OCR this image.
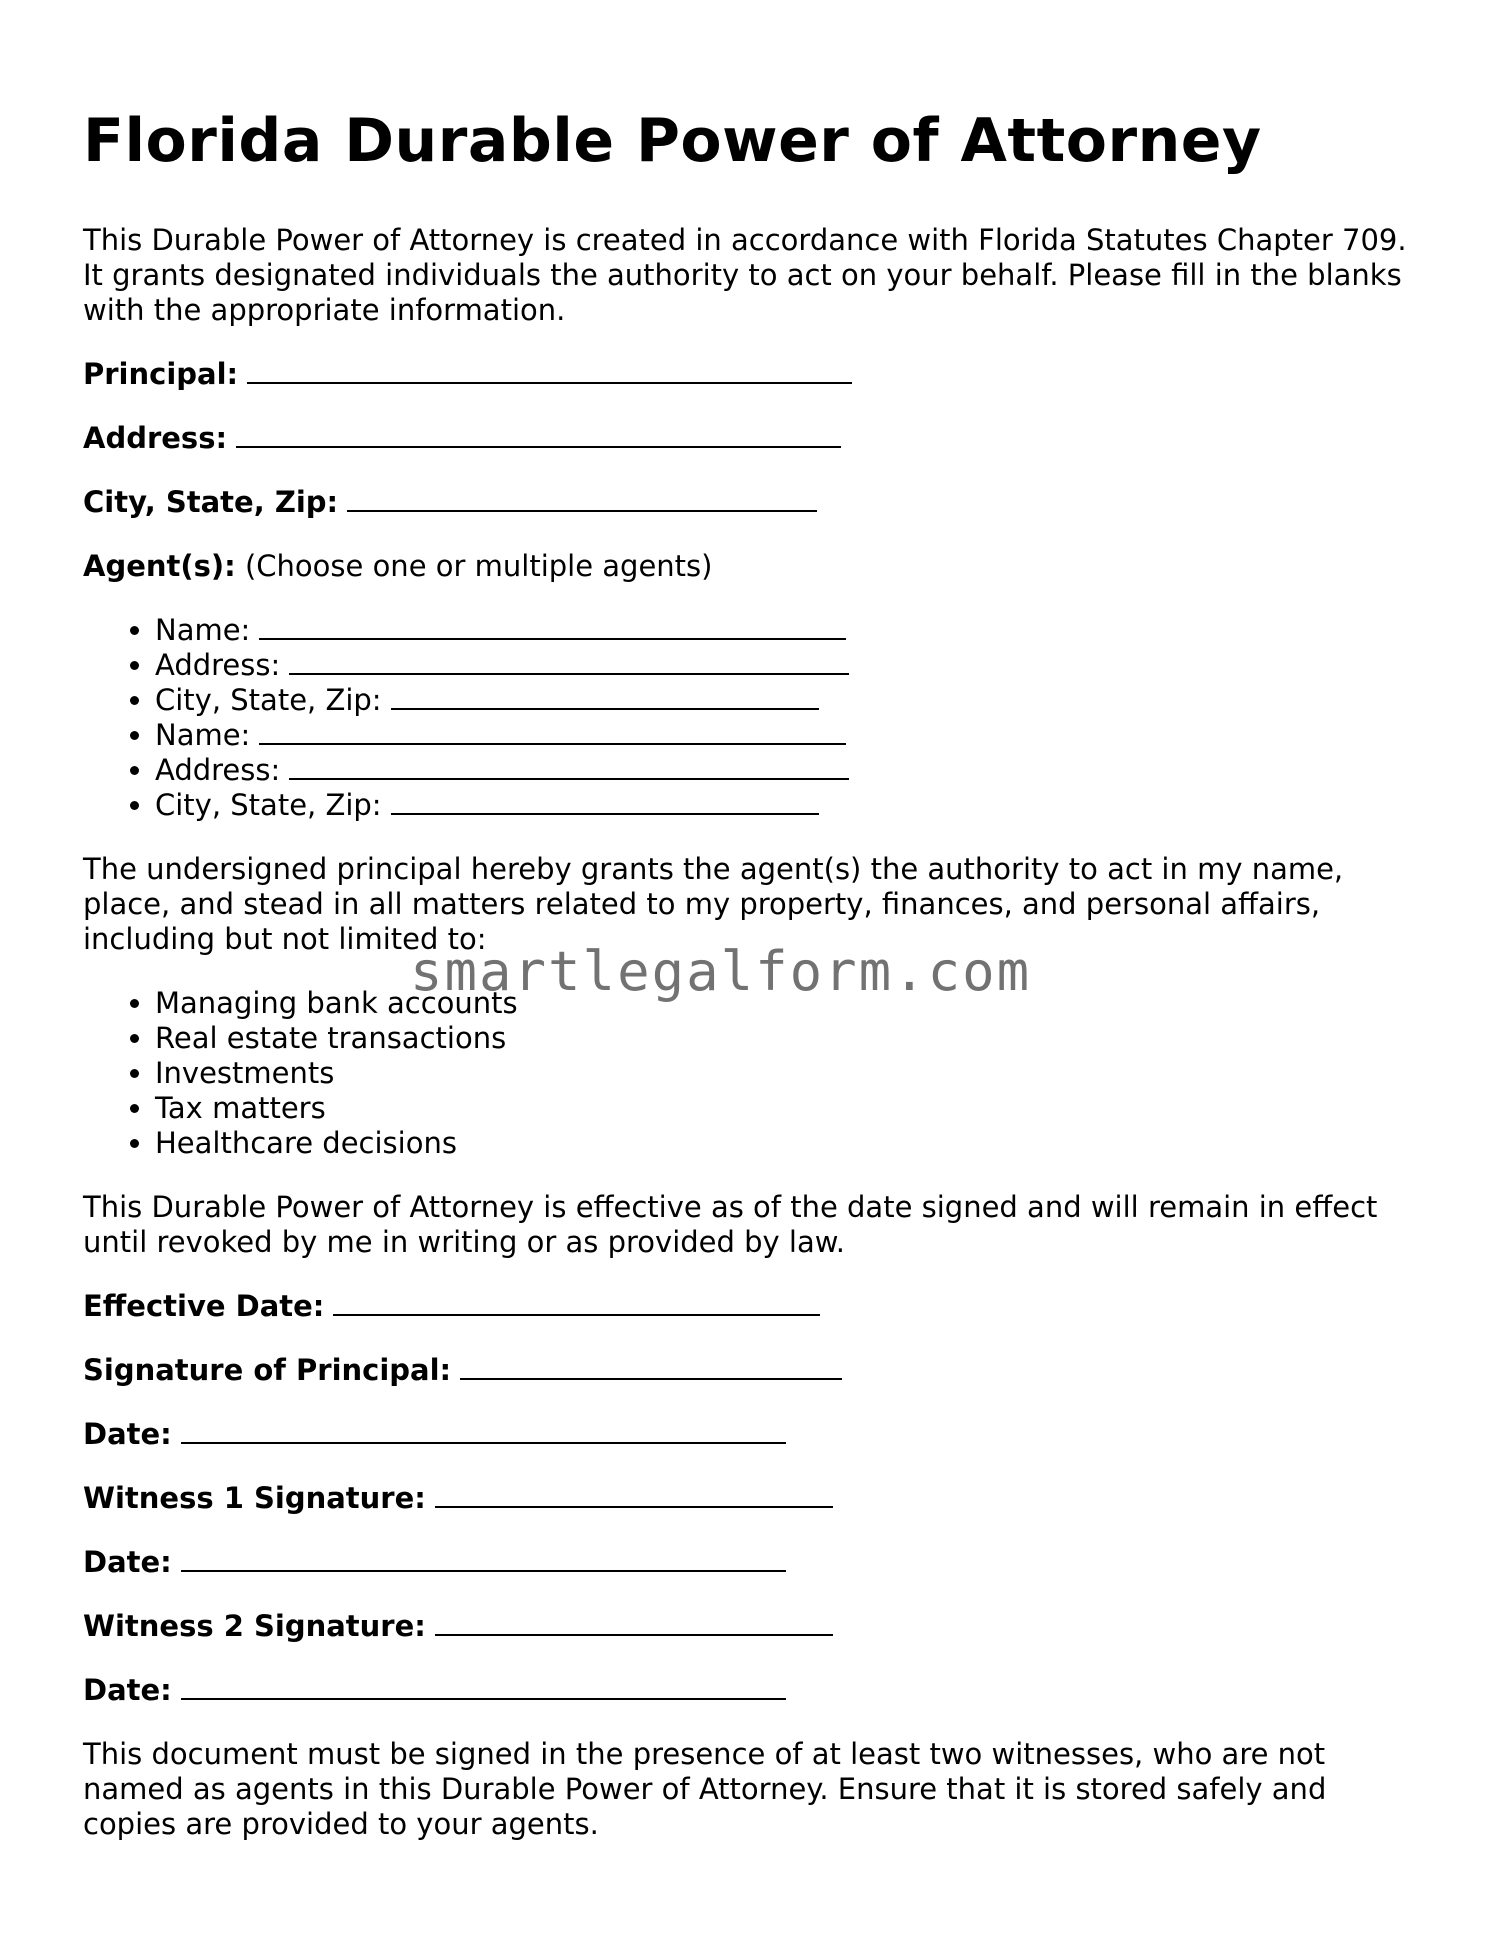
Florida Durable Power of Attorney

This Durable Power of Attorney is created in accordance with Florida Statutes Chapter 709. It grants designated individuals the authority to act on your behalf. Please fill in the blanks with the appropriate information.

Principal:
Address:
City, State, Zip:
Agent(s): (Choose one or multiple agents)
• Name:
• Address:
• City, State, Zip:
• Name:
• Address:
• City, State, Zip:

The undersigned principal hereby grants the agent(s) the authority to act in my name, place, and stead in all matters related to my property, finances, and personal affairs, including but not limited to:

• Managing bank accounts
• Real estate transactions
• Investments
• Tax matters
• Healthcare decisions

This Durable Power of Attorney is effective as of the date signed and will remain in effect until revoked by me in writing or as provided by law.

Effective Date:
Signature of Principal:
Date:
Witness 1 Signature:
Date:
Witness 2 Signature:
Date:

This document must be signed in the presence of at least two witnesses, who are not named as agents in this Durable Power of Attorney. Ensure that it is stored safely and copies are provided to your agents.

smartlegalform.com
